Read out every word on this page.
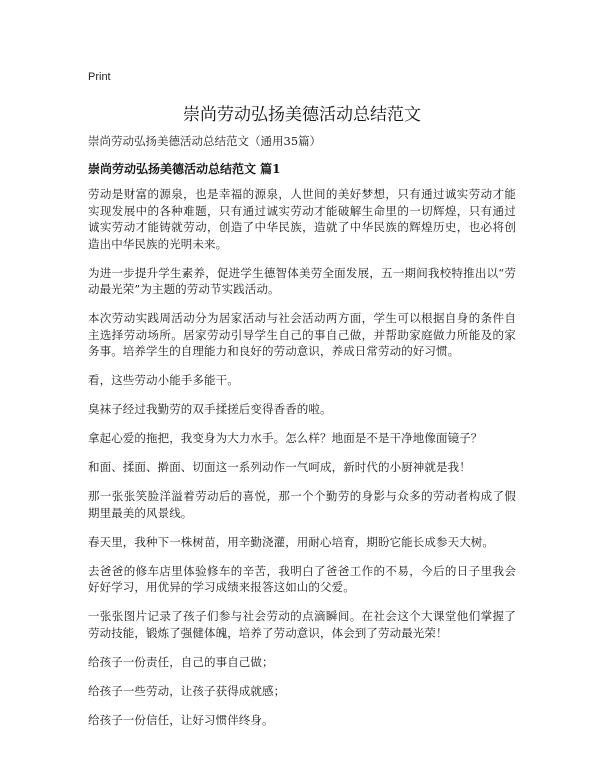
Print
崇尚劳动弘扬美德活动总结范文
崇尚劳动弘扬美德活动总结范文（通用35篇）
崇尚劳动弘扬美德活动总结范文 篇1

劳动是财富的源泉，也是幸福的源泉，人世间的美好梦想，只有通过诚实劳动才能实现发展中的各种难题，只有通过诚实劳动才能破解生命里的一切辉煌，只有通过诚实劳动才能铸就劳动，创造了中华民族，造就了中华民族的辉煌历史，也必将创造出中华民族的光明未来。

为进一步提升学生素养，促进学生德智体美劳全面发展，五一期间我校特推出以“劳动最光荣”为主题的劳动节实践活动。

本次劳动实践周活动分为居家活动与社会活动两方面，学生可以根据自身的条件自主选择劳动场所。居家劳动引导学生自己的事自己做，并帮助家庭做力所能及的家务事。培养学生的自理能力和良好的劳动意识，养成日常劳动的好习惯。

看，这些劳动小能手多能干。

臭袜子经过我勤劳的双手揉搓后变得香香的啦。

拿起心爱的拖把，我变身为大力水手。怎么样？地面是不是干净地像面镜子？

和面、揉面、擀面、切面这一系列动作一气呵成，新时代的小厨神就是我！

那一张张笑脸洋溢着劳动后的喜悦，那一个个勤劳的身影与众多的劳动者构成了假期里最美的风景线。

春天里，我种下一株树苗，用辛勤浇灌，用耐心培育，期盼它能长成参天大树。

去爸爸的修车店里体验修车的辛苦，我明白了爸爸工作的不易，今后的日子里我会好好学习，用优异的学习成绩来报答这如山的父爱。

一张张图片记录了孩子们参与社会劳动的点滴瞬间。在社会这个大课堂他们掌握了劳动技能，锻炼了强健体魄，培养了劳动意识，体会到了劳动最光荣！

给孩子一份责任，自己的事自己做；

给孩子一些劳动，让孩子获得成就感；

给孩子一份信任，让好习惯伴终身。
